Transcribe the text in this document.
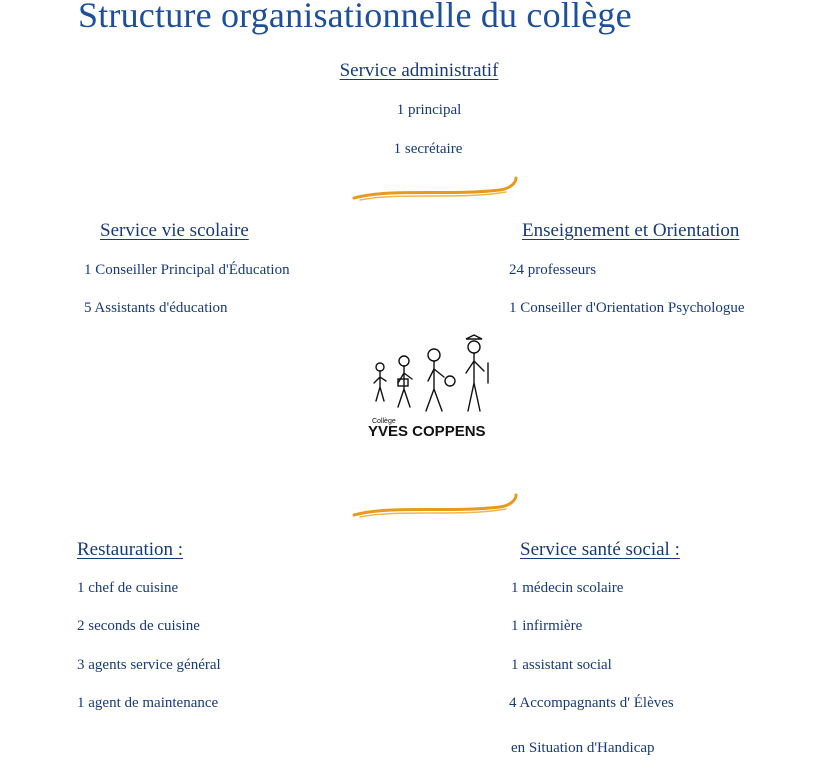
Structure organisationnelle du collège
Service administratif
1 principal
1 secrétaire
Service vie scolaire
1 Conseiller Principal d'Éducation
5 Assistants d'éducation
Enseignement et Orientation
24 professeurs
1 Conseiller d'Orientation Psychologue
Collège
YVES COPPENS
Restauration :
1 chef de cuisine
2 seconds de cuisine
3 agents service général
1 agent de maintenance
Service santé social :
1 médecin scolaire
1 infirmière
1 assistant social
4 Accompagnants d' Élèves
en Situation d'Handicap
